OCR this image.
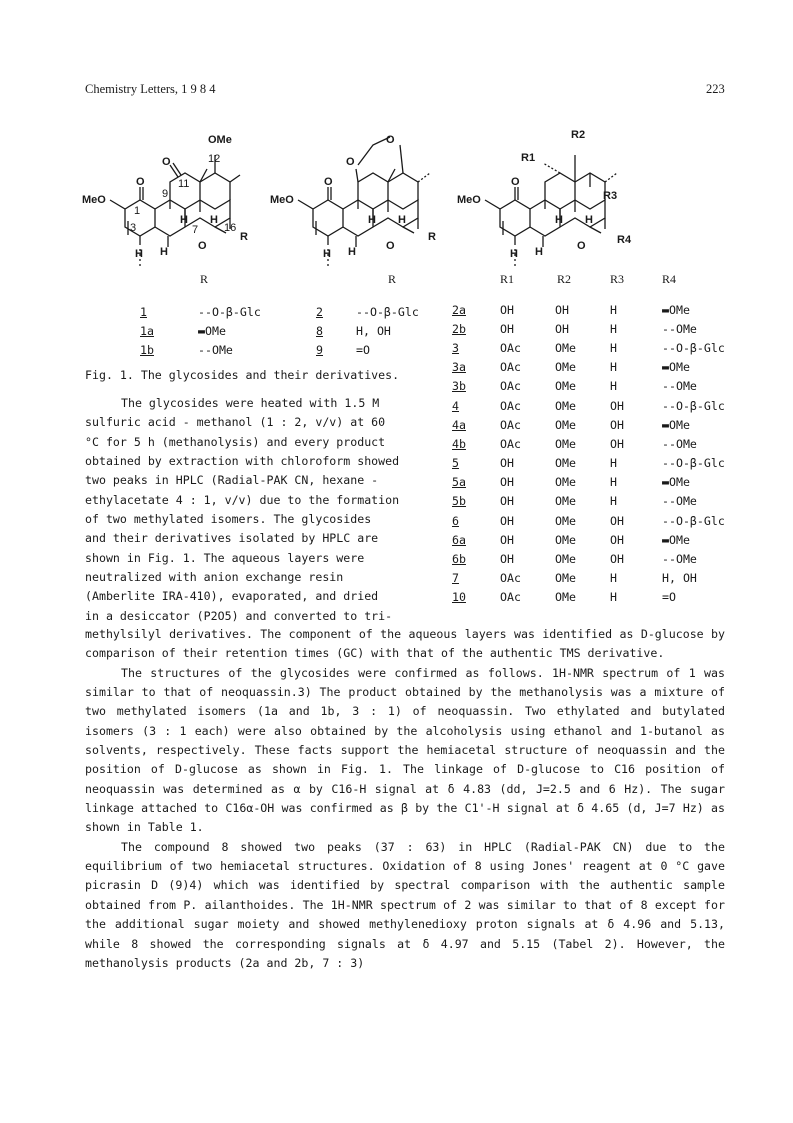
Chemistry Letters, 1 9 8 4	223
OMe
12
11
9
1
3	7 16
MeO
O
O
H H
H
H
O
R
O
O
MeO
O
H H
H
H
O
R
R2
R1
R3
R4
MeO
O
H H
H
H
O
R	R	R1	R2	R3	R4
1	--O-β-Glc
1a	▬OMe
1b	--OMe
2	--O-β-Glc
8	H, OH
9	=O
2a	OH	OH	H	▬OMe
2b	OH	OH	H	--OMe
3	OAc	OMe	H	--O-β-Glc
3a	OAc	OMe	H	▬OMe
3b	OAc	OMe	H	--OMe
4	OAc	OMe	OH	--O-β-Glc
4a	OAc	OMe	OH	▬OMe
4b	OAc	OMe	OH	--OMe
5	OH	OMe	H	--O-β-Glc
5a	OH	OMe	H	▬OMe
5b	OH	OMe	H	--OMe
6	OH	OMe	OH	--O-β-Glc
6a	OH	OMe	OH	▬OMe
6b	OH	OMe	OH	--OMe
7	OAc	OMe	H	H, OH
10	OAc	OMe	H	=O
Fig. 1. The glycosides and their derivatives.

The glycosides were heated with 1.5 M

sulfuric acid - methanol (1 : 2, v/v) at 60

°C for 5 h (methanolysis) and every product

obtained by extraction with chloroform showed

two peaks in HPLC (Radial-PAK CN, hexane -

ethylacetate 4 : 1, v/v) due to the formation

of two methylated isomers. The glycosides

and their derivatives isolated by HPLC are

shown in Fig. 1. The aqueous layers were

neutralized with anion exchange resin

(Amberlite IRA-410), evaporated, and dried

in a desiccator (P2O5) and converted to tri-

methylsilyl derivatives. The component of the aqueous layers was identified as D-glucose by comparison of their retention times (GC) with that of the authentic TMS derivative.

The structures of the glycosides were confirmed as follows. 1H-NMR spectrum of 1 was similar to that of neoquassin.3) The product obtained by the methanolysis was a mixture of two methylated isomers (1a and 1b, 3 : 1) of neoquassin. Two ethylated and butylated isomers (3 : 1 each) were also obtained by the alcoholysis using ethanol and 1-butanol as solvents, respectively. These facts support the hemiacetal structure of neoquassin and the position of D-glucose as shown in Fig. 1. The linkage of D-glucose to C16 position of neoquassin was determined as α by C16-H signal at δ 4.83 (dd, J=2.5 and 6 Hz). The sugar linkage attached to C16α-OH was confirmed as β by the C1'-H signal at δ 4.65 (d, J=7 Hz) as shown in Table 1.

The compound 8 showed two peaks (37 : 63) in HPLC (Radial-PAK CN) due to the equilibrium of two hemiacetal structures. Oxidation of 8 using Jones' reagent at 0 °C gave picrasin D (9)4) which was identified by spectral comparison with the authentic sample obtained from P. ailanthoides. The 1H-NMR spectrum of 2 was similar to that of 8 except for the additional sugar moiety and showed methylenedioxy proton signals at δ 4.96 and 5.13, while 8 showed the corresponding signals at δ 4.97 and 5.15 (Tabel 2). However, the methanolysis products (2a and 2b, 7 : 3)
